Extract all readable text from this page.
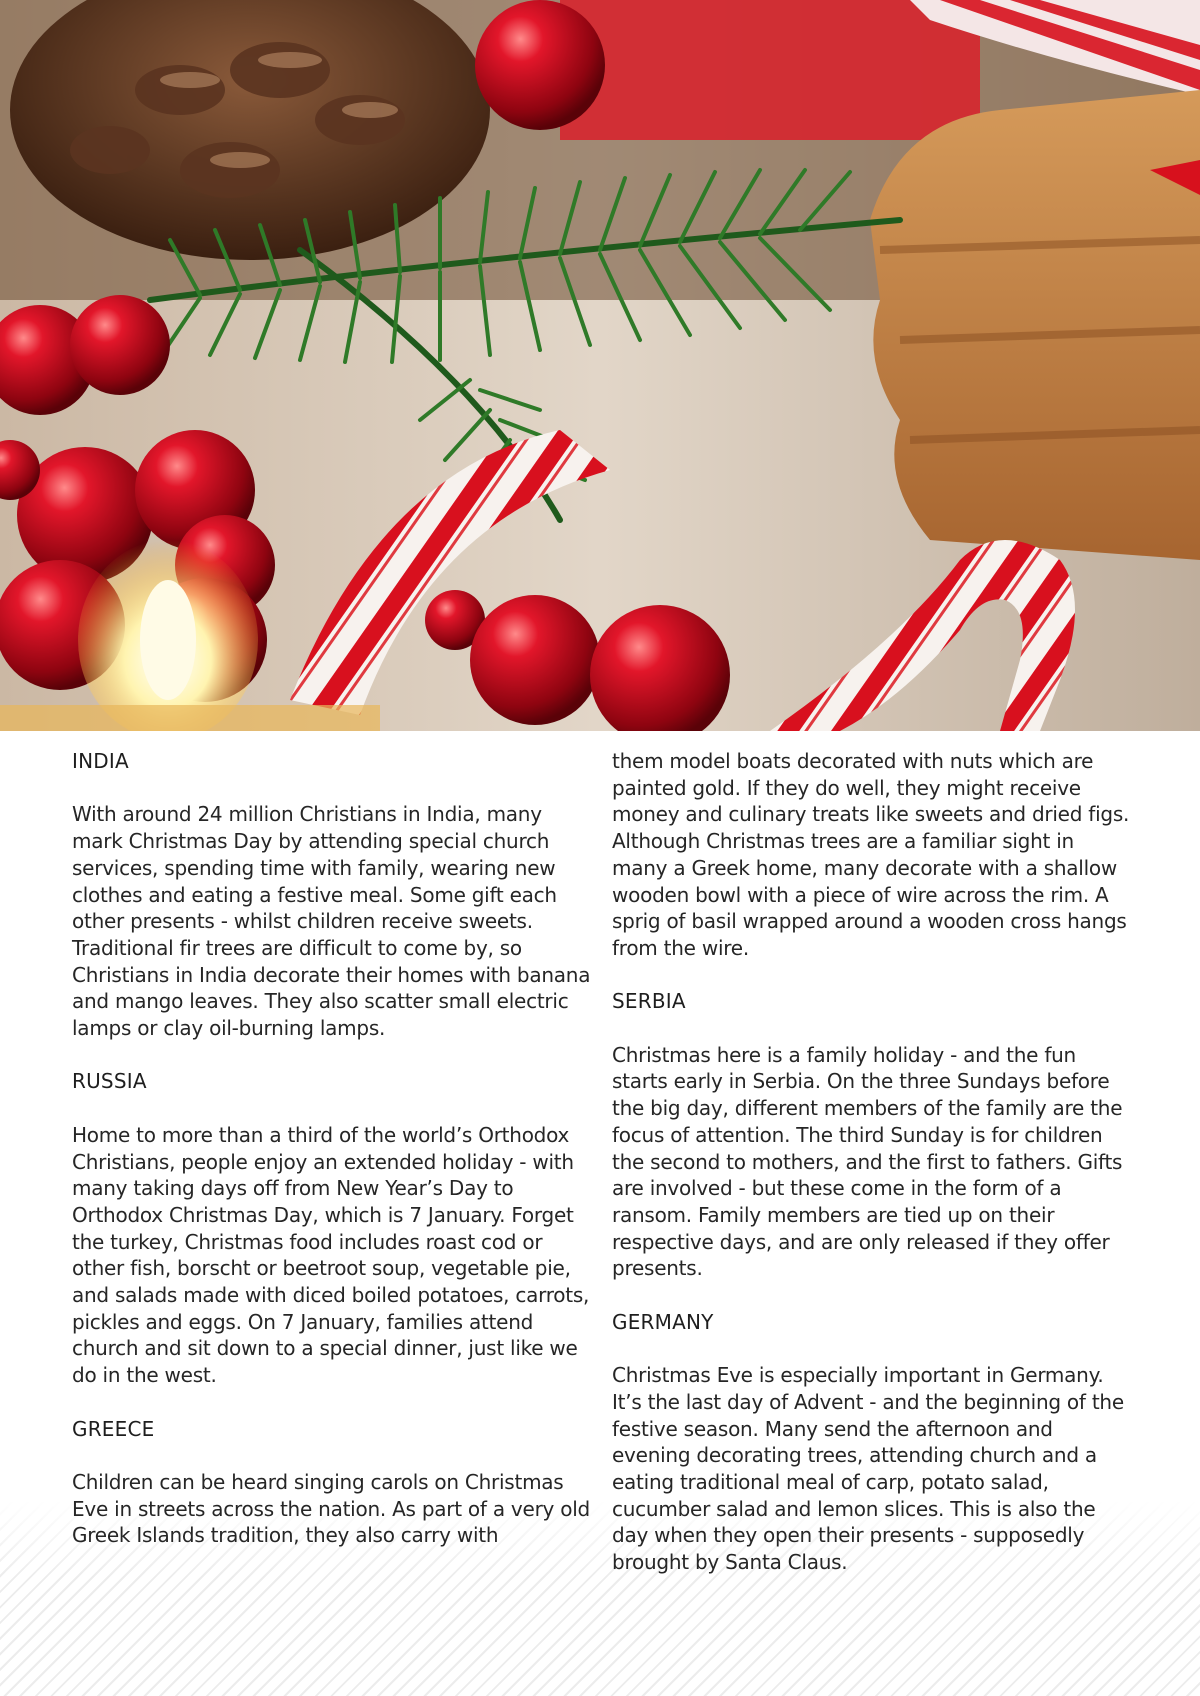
INDIA

With around 24 million Christians in India, many mark Christmas Day by attending special church services, spending time with family, wearing new clothes and eating a festive meal. Some gift each other presents - whilst children receive sweets. Traditional fir trees are difficult to come by, so Christians in India decorate their homes with banana and mango leaves. They also scatter small electric lamps or clay oil-burning lamps.

RUSSIA

Home to more than a third of the world’s Orthodox Christians, people enjoy an extended holiday - with many taking days off from New Year’s Day to Orthodox Christmas Day, which is 7 January. Forget the turkey, Christmas food includes roast cod or other fish, borscht or beetroot soup, vegetable pie, and salads made with diced boiled potatoes, carrots, pickles and eggs. On 7 January, families attend church and sit down to a special dinner, just like we do in the west.

GREECE

Children can be heard singing carols on Christmas Eve in streets across the nation. As part of a very old Greek Islands tradition, they also carry with

them model boats decorated with nuts which are painted gold. If they do well, they might receive money and culinary treats like sweets and dried figs. Although Christmas trees are a familiar sight in many a Greek home, many decorate with a shallow wooden bowl with a piece of wire across the rim. A sprig of basil wrapped around a wooden cross hangs from the wire.

SERBIA

Christmas here is a family holiday - and the fun starts early in Serbia. On the three Sundays before the big day, different members of the family are the focus of attention. The third Sunday is for children the second to mothers, and the first to fathers. Gifts are involved - but these come in the form of a ransom. Family members are tied up on their respective days, and are only released if they offer presents.

GERMANY

Christmas Eve is especially important in Germany. It’s the last day of Advent - and the beginning of the festive season. Many send the afternoon and evening decorating trees, attending church and a eating traditional meal of carp, potato salad, cucumber salad and lemon slices. This is also the day when they open their presents - supposedly brought by Santa Claus.
